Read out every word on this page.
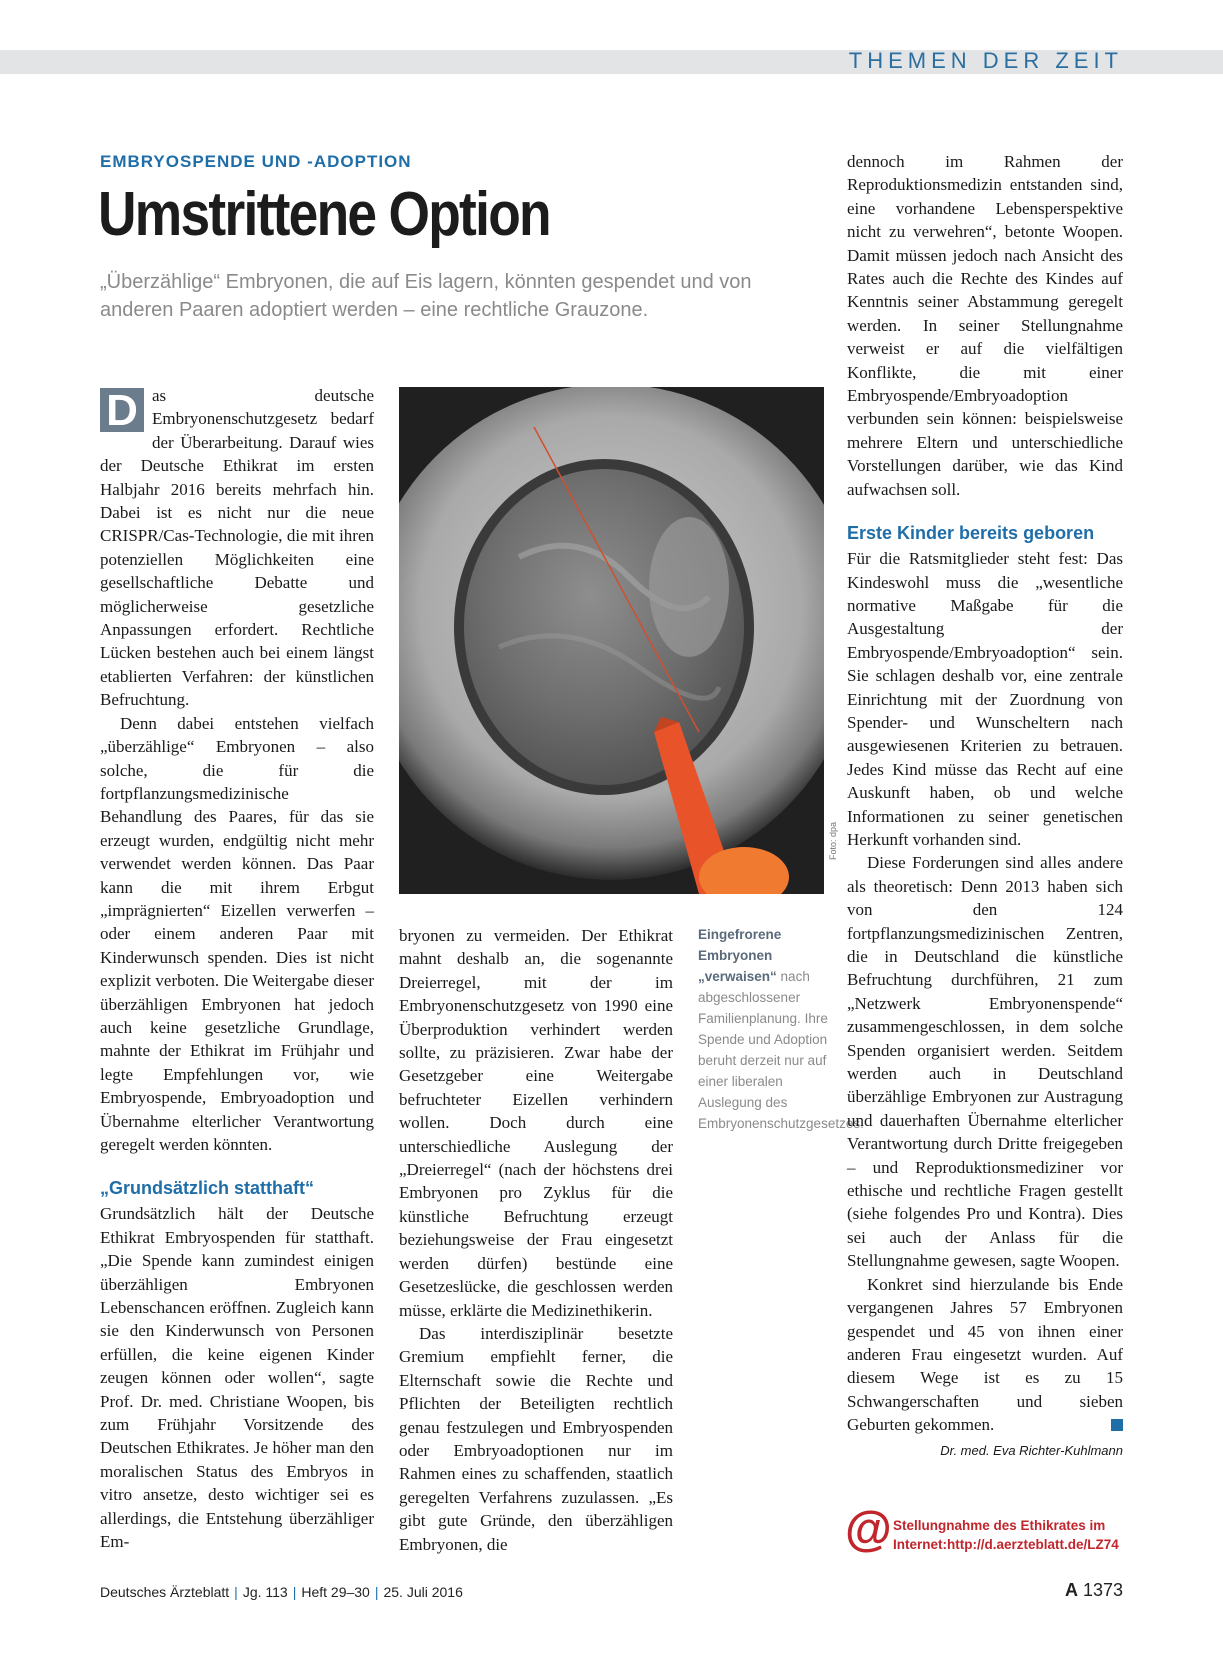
THEMEN DER ZEIT
EMBRYOSPENDE UND -ADOPTION
Umstrittene Option
„Überzählige“ Embryonen, die auf Eis lagern, könnten gespendet und von anderen Paaren adoptiert werden – eine rechtliche Grauzone.

D as deutsche Embryonenschutzgesetz bedarf der Überarbeitung. Darauf wies der Deutsche Ethikrat im ersten Halbjahr 2016 bereits mehrfach hin. Dabei ist es nicht nur die neue CRISPR/Cas-Technologie, die mit ihren potenziellen Möglichkeiten eine gesellschaftliche Debatte und möglicherweise gesetzliche Anpassungen erfordert. Rechtliche Lücken bestehen auch bei einem längst etablierten Verfahren: der künstlichen Befruchtung.

Denn dabei entstehen vielfach „überzählige“ Embryonen – also solche, die für die fortpflanzungsmedizinische Behandlung des Paares, für das sie erzeugt wurden, endgültig nicht mehr verwendet werden können. Das Paar kann die mit ihrem Erbgut „imprägnierten“ Eizellen verwerfen – oder einem anderen Paar mit Kinderwunsch spenden. Dies ist nicht explizit verboten. Die Weitergabe dieser überzähligen Embryonen hat jedoch auch keine gesetzliche Grundlage, mahnte der Ethikrat im Frühjahr und legte Empfehlungen vor, wie Embryospende, Embryoadoption und Übernahme elterlicher Verantwortung geregelt werden könnten.

„Grundsätzlich statthaft“

Grundsätzlich hält der Deutsche Ethikrat Embryospenden für statthaft. „Die Spende kann zumindest einigen überzähligen Embryonen Lebenschancen eröffnen. Zugleich kann sie den Kinderwunsch von Personen erfüllen, die keine eigenen Kinder zeugen können oder wollen“, sagte Prof. Dr. med. Christiane Woopen, bis zum Frühjahr Vorsitzende des Deutschen Ethikrates. Je höher man den moralischen Status des Embryos in vitro ansetze, desto wichtiger sei es allerdings, die Entstehung überzähliger Em-

Foto: dpa
Eingefrorene Embryonen „verwaisen“ nach abgeschlossener Familienplanung. Ihre Spende und Adoption beruht derzeit nur auf einer liberalen Auslegung des Embryonenschutzgesetzes.

bryonen zu vermeiden. Der Ethikrat mahnt deshalb an, die sogenannte Dreierregel, mit der im Embryonenschutzgesetz von 1990 eine Überproduktion verhindert werden sollte, zu präzisieren. Zwar habe der Gesetzgeber eine Weitergabe befruchteter Eizellen verhindern wollen. Doch durch eine unterschiedliche Auslegung der „Dreierregel“ (nach der höchstens drei Embryonen pro Zyklus für die künstliche Befruchtung erzeugt beziehungsweise der Frau eingesetzt werden dürfen) bestünde eine Gesetzeslücke, die geschlossen werden müsse, erklärte die Medizinethikerin.

Das interdisziplinär besetzte Gremium empfiehlt ferner, die Elternschaft sowie die Rechte und Pflichten der Beteiligten rechtlich genau festzulegen und Embryospenden oder Embryoadoptionen nur im Rahmen eines zu schaffenden, staatlich geregelten Verfahrens zuzulassen. „Es gibt gute Gründe, den überzähligen Embryonen, die

dennoch im Rahmen der Reproduktionsmedizin entstanden sind, eine vorhandene Lebensperspektive nicht zu verwehren“, betonte Woopen. Damit müssen jedoch nach Ansicht des Rates auch die Rechte des Kindes auf Kenntnis seiner Abstammung geregelt werden. In seiner Stellungnahme verweist er auf die vielfältigen Konflikte, die mit einer Embryospende/Embryoadoption verbunden sein können: beispielsweise mehrere Eltern und unterschiedliche Vorstellungen darüber, wie das Kind aufwachsen soll.

Erste Kinder bereits geboren

Für die Ratsmitglieder steht fest: Das Kindeswohl muss die „wesentliche normative Maßgabe für die Ausgestaltung der Embryospende/Embryoadoption“ sein. Sie schlagen deshalb vor, eine zentrale Einrichtung mit der Zuordnung von Spender- und Wunscheltern nach ausgewiesenen Kriterien zu betrauen. Jedes Kind müsse das Recht auf eine Auskunft haben, ob und welche Informationen zu seiner genetischen Herkunft vorhanden sind.

Diese Forderungen sind alles andere als theoretisch: Denn 2013 haben sich von den 124 fortpflanzungsmedizinischen Zentren, die in Deutschland die künstliche Befruchtung durchführen, 21 zum „Netzwerk Embryonenspende“ zusammengeschlossen, in dem solche Spenden organisiert werden. Seitdem werden auch in Deutschland überzählige Embryonen zur Austragung und dauerhaften Übernahme elterlicher Verantwortung durch Dritte freigegeben – und Reproduktionsmediziner vor ethische und rechtliche Fragen gestellt (siehe folgendes Pro und Kontra). Dies sei auch der Anlass für die Stellungnahme gewesen, sagte Woopen.

Konkret sind hierzulande bis Ende vergangenen Jahres 57 Embryonen gespendet und 45 von ihnen einer anderen Frau eingesetzt wurden. Auf diesem Wege ist es zu 15 Schwangerschaften und sieben Geburten gekommen.

Dr. med. Eva Richter-Kuhlmann
@ Stellungnahme des Ethikrates im
Internet:http://d.aerzteblatt.de/LZ74
Deutsches Ärzteblatt | Jg. 113 | Heft 29–30 | 25. Juli 2016	A 1373
